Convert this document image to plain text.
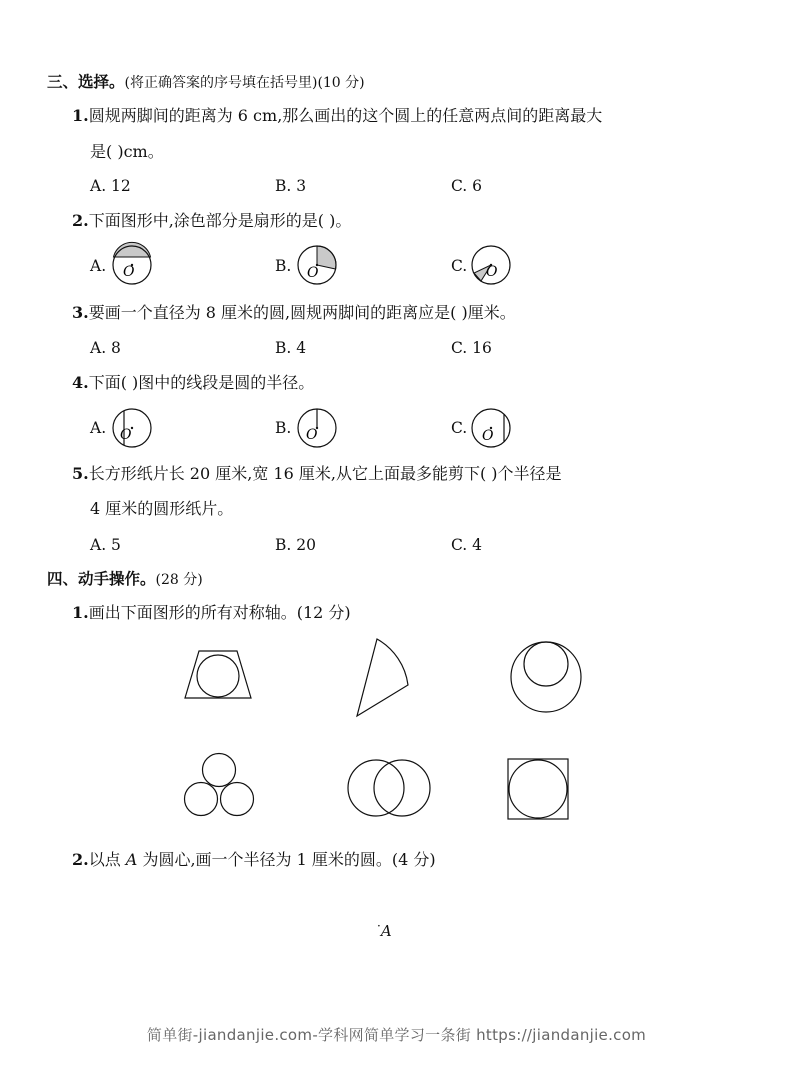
三、选择。(将正确答案的序号填在括号里)(10 分)
1.圆规两脚间的距离为 6 cm,那么画出的这个圆上的任意两点间的距离最大
是( )cm。
A. 12	B. 3	C. 6
2.下面图形中,涂色部分是扇形的是( )。
A.	B.	C.
O	O	O
3.要画一个直径为 8 厘米的圆,圆规两脚间的距离应是( )厘米。
A. 8	B. 4	C. 16
4.下面( )图中的线段是圆的半径。
A.	B.	C.
O	O	O
5.长方形纸片长 20 厘米,宽 16 厘米,从它上面最多能剪下( )个半径是
4 厘米的圆形纸片。
A. 5	B. 20	C. 4
四、动手操作。(28 分)
1.画出下面图形的所有对称轴。(12 分)
2.以点 A 为圆心,画一个半径为 1 厘米的圆。(4 分)
·A
简单街-jiandanjie.com-学科网简单学习一条街 https://jiandanjie.com
